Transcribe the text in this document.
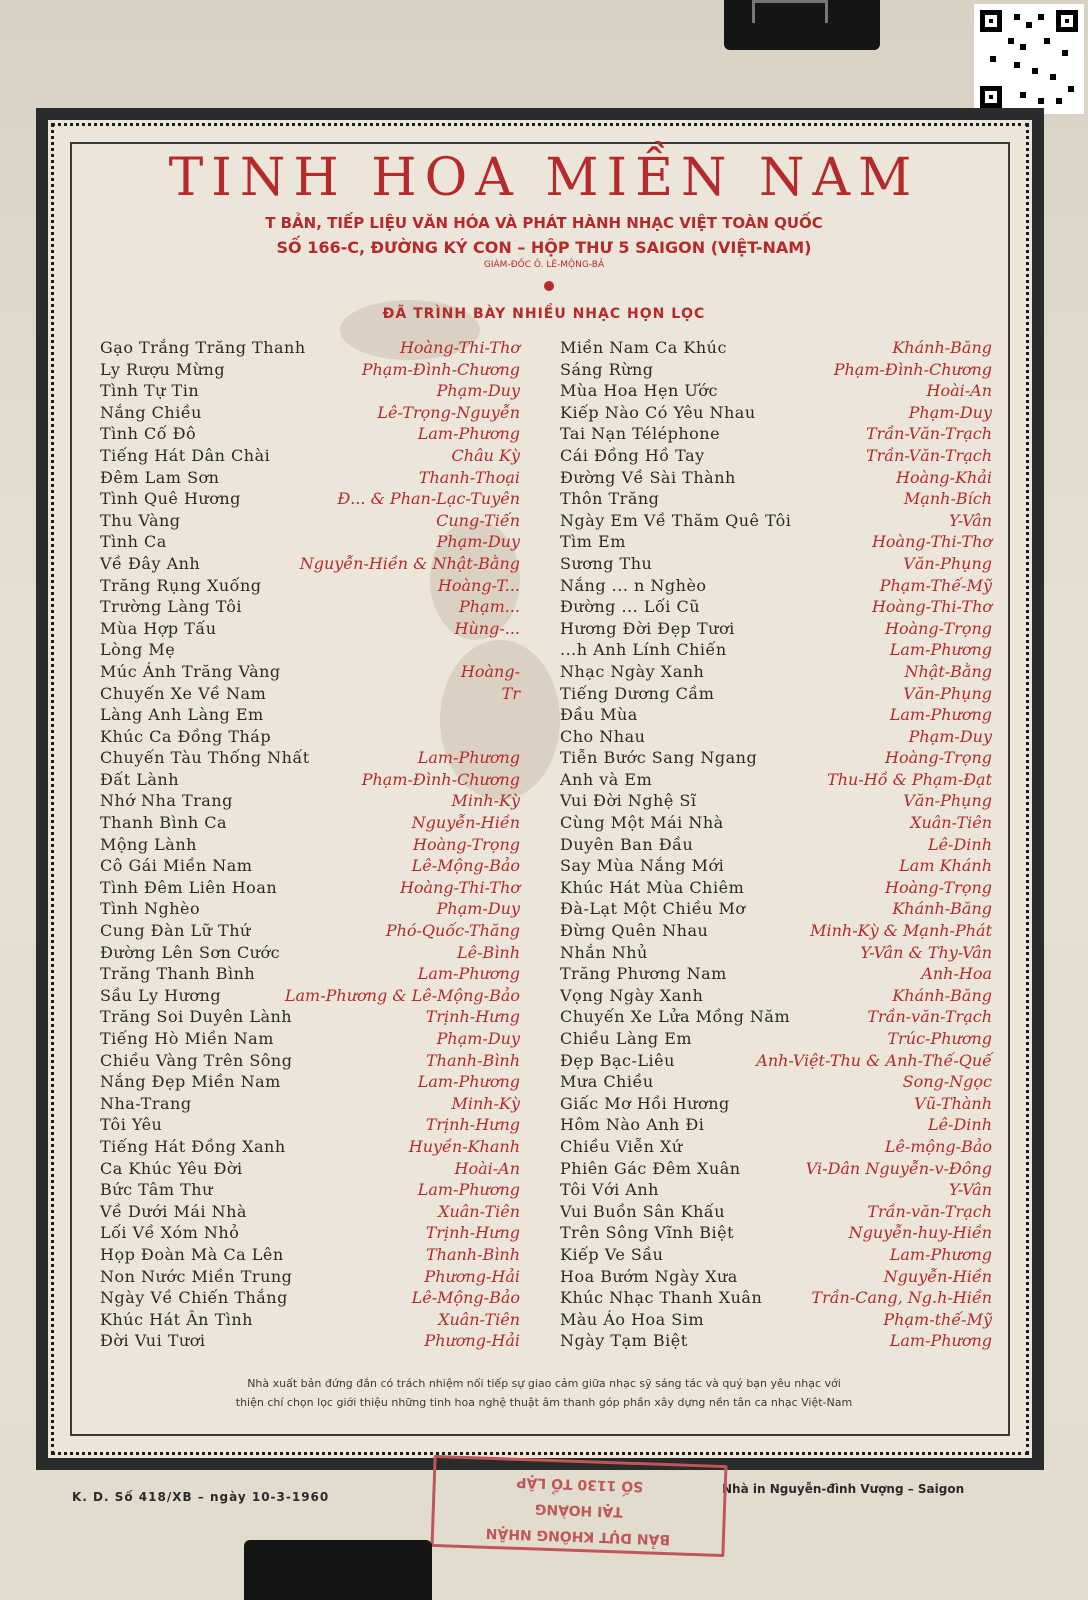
TINH HOA MIỀN NAM
T BẢN, TIẾP LIỆU VĂN HÓA VÀ PHÁT HÀNH NHẠC VIỆT TOÀN QUỐC
SỐ 166-C, ĐƯỜNG KÝ CON – HỘP THƯ 5 SAIGON (VIỆT-NAM)
GIÁM-ĐỐC Ô. LÊ-MỘNG-BẢ
ĐÃ TRÌNH BÀY NHIỀU NHẠC HỌN LỌC
Gạo Trắng Trăng Thanh	Hoàng-Thi-Thơ
Ly Rượu Mừng	Phạm-Đình-Chương
Tình Tự Tin	Phạm-Duy
Nắng Chiều	Lê-Trọng-Nguyễn
Tình Cố Đô	Lam-Phương
Tiếng Hát Dân Chài	Châu Kỳ
Đêm Lam Sơn	Thanh-Thoại
Tình Quê Hương	Đ... & Phan-Lạc-Tuyên
Thu Vàng	Cung-Tiến
Tình Ca	Phạm-Duy
Về Đây Anh	Nguyễn-Hiền & Nhật-Bằng
Trăng Rụng Xuống	Hoàng-T...
Trường Làng Tôi	Phạm...
Mùa Hợp Tấu	Hùng-...
Lòng Mẹ
Múc Ánh Trăng Vàng	Hoàng-
Chuyến Xe Về Nam	Tr
Làng Anh Làng Em
Khúc Ca Đồng Tháp
Chuyến Tàu Thống Nhất	Lam-Phương
Đất Lành	Phạm-Đình-Chương
Nhớ Nha Trang	Minh-Kỳ
Thanh Bình Ca	Nguyễn-Hiền
Mộng Lành	Hoàng-Trọng
Cô Gái Miền Nam	Lê-Mộng-Bảo
Tình Đêm Liên Hoan	Hoàng-Thi-Thơ
Tình Nghèo	Phạm-Duy
Cung Đàn Lữ Thứ	Phó-Quốc-Thăng
Đường Lên Sơn Cước	Lê-Bình
Trăng Thanh Bình	Lam-Phương
Sầu Ly Hương	Lam-Phương & Lê-Mộng-Bảo
Trăng Soi Duyên Lành	Trịnh-Hưng
Tiếng Hò Miền Nam	Phạm-Duy
Chiều Vàng Trên Sông	Thanh-Bình
Nắng Đẹp Miền Nam	Lam-Phương
Nha-Trang	Minh-Kỳ
Tôi Yêu	Trịnh-Hưng
Tiếng Hát Đồng Xanh	Huyền-Khanh
Ca Khúc Yêu Đời	Hoài-An
Bức Tâm Thư	Lam-Phương
Về Dưới Mái Nhà	Xuân-Tiên
Lối Về Xóm Nhỏ	Trịnh-Hưng
Họp Đoàn Mà Ca Lên	Thanh-Bình
Non Nước Miền Trung	Phương-Hải
Ngày Về Chiến Thắng	Lê-Mộng-Bảo
Khúc Hát Ân Tình	Xuân-Tiên
Đời Vui Tươi	Phương-Hải
Miền Nam Ca Khúc	Khánh-Băng
Sáng Rừng	Phạm-Đình-Chương
Mùa Hoa Hẹn Ước	Hoài-An
Kiếp Nào Có Yêu Nhau	Phạm-Duy
Tai Nạn Téléphone	Trần-Văn-Trạch
Cái Đồng Hồ Tay	Trần-Văn-Trạch
Đường Về Sài Thành	Hoàng-Khải
Thôn Trăng	Mạnh-Bích
Ngày Em Về Thăm Quê Tôi	Y-Vân
Tìm Em	Hoàng-Thi-Thơ
Sương Thu	Văn-Phụng
Nắng ... n Nghèo	Phạm-Thế-Mỹ
Đường ... Lối Cũ	Hoàng-Thi-Thơ
Hương Đời Đẹp Tươi	Hoàng-Trọng
...h Anh Lính Chiến	Lam-Phương
Nhạc Ngày Xanh	Nhật-Bằng
Tiếng Dương Cầm	Văn-Phụng
Đầu Mùa	Lam-Phương
Cho Nhau	Phạm-Duy
Tiễn Bước Sang Ngang	Hoàng-Trọng
Anh và Em	Thu-Hồ & Phạm-Đạt
Vui Đời Nghệ Sĩ	Văn-Phụng
Cùng Một Mái Nhà	Xuân-Tiên
Duyên Ban Đầu	Lê-Dinh
Say Mùa Nắng Mới	Lam Khánh
Khúc Hát Mùa Chiêm	Hoàng-Trọng
Đà-Lạt Một Chiều Mơ	Khánh-Băng
Đừng Quên Nhau	Minh-Kỳ & Mạnh-Phát
Nhắn Nhủ	Y-Vân & Thy-Vân
Trăng Phương Nam	Anh-Hoa
Vọng Ngày Xanh	Khánh-Băng
Chuyến Xe Lửa Mồng Năm	Trần-văn-Trạch
Chiều Làng Em	Trúc-Phương
Đẹp Bạc-Liêu	Anh-Việt-Thu & Anh-Thế-Quế
Mưa Chiều	Song-Ngọc
Giấc Mơ Hồi Hương	Vũ-Thành
Hôm Nào Anh Đi	Lê-Dinh
Chiều Viễn Xứ	Lê-mộng-Bảo
Phiên Gác Đêm Xuân	Vi-Dân Nguyễn-v-Đông
Tôi Với Anh	Y-Vân
Vui Buồn Sân Khấu	Trần-văn-Trạch
Trên Sông Vĩnh Biệt	Nguyễn-huy-Hiền
Kiếp Ve Sầu	Lam-Phương
Hoa Bướm Ngày Xưa	Nguyễn-Hiền
Khúc Nhạc Thanh Xuân	Trần-Cang, Ng.h-Hiền
Màu Áo Hoa Sim	Phạm-thế-Mỹ
Ngày Tạm Biệt	Lam-Phương
Nhà xuất bản đứng đắn có trách nhiệm nối tiếp sự giao cảm giữa nhạc sỹ sáng tác và quý bạn yêu nhạc với
thiện chí chọn lọc giới thiệu những tinh hoa nghệ thuật âm thanh góp phần xây dựng nền tân ca nhạc Việt-Nam
K. D. Số 418/XB – ngày 10-3-1960
Nhà in Nguyễn-đình Vượng – Saigon
BẢN DỰT KHÔNG NHẬN
TẠI HOÀNG
SỐ 1130 TỔ LẬP
